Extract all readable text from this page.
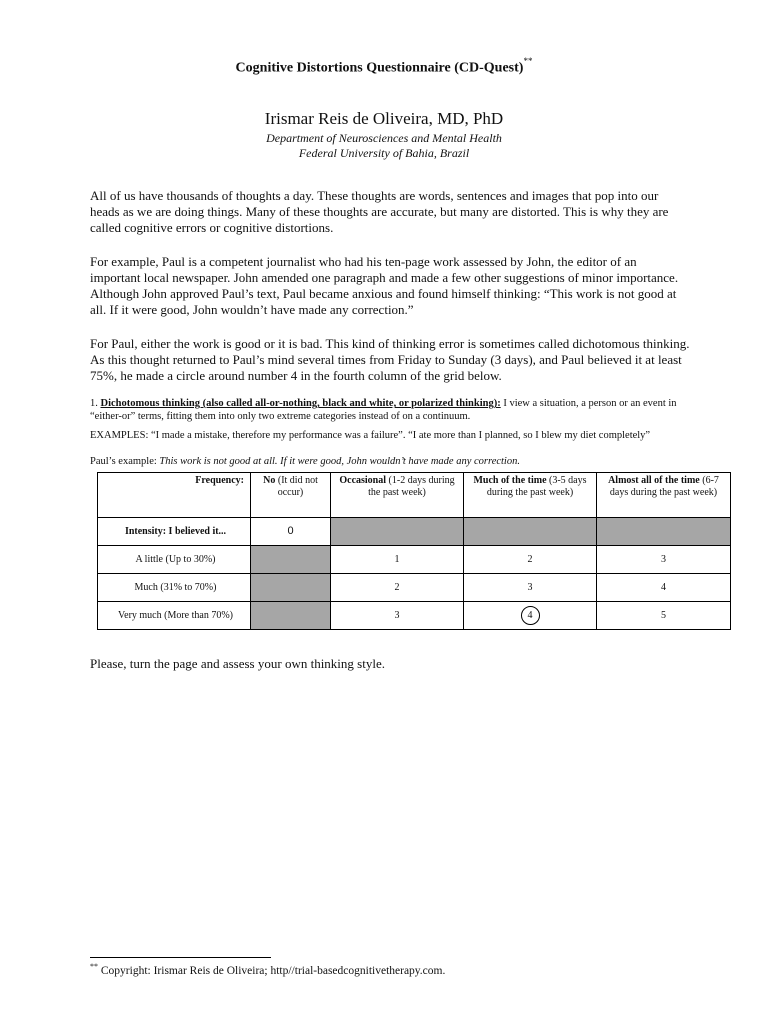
Cognitive Distortions Questionnaire (CD-Quest)**
Irismar Reis de Oliveira, MD, PhD
Department of Neurosciences and Mental Health
Federal University of Bahia, Brazil
All of us have thousands of thoughts a day. These thoughts are words, sentences and images that pop into our heads as we are doing things. Many of these thoughts are accurate, but many are distorted. This is why they are called cognitive errors or cognitive distortions.
For example, Paul is a competent journalist who had his ten-page work assessed by John, the editor of an important local newspaper. John amended one paragraph and made a few other suggestions of minor importance. Although John approved Paul’s text, Paul became anxious and found himself thinking: “This work is not good at all. If it were good, John wouldn’t have made any correction.”
For Paul, either the work is good or it is bad. This kind of thinking error is sometimes called dichotomous thinking. As this thought returned to Paul’s mind several times from Friday to Sunday (3 days), and Paul believed it at least 75%, he made a circle around number 4 in the fourth column of the grid below.
1. Dichotomous thinking (also called all-or-nothing, black and white, or polarized thinking): I view a situation, a person or an event in “either-or” terms, fitting them into only two extreme categories instead of on a continuum.
EXAMPLES: “I made a mistake, therefore my performance was a failure”. “I ate more than I planned, so I blew my diet completely”
Paul’s example: This work is not good at all. If it were good, John wouldn’t have made any correction.
Frequency:	No (It did not occur)	Occasional (1-2 days during the past week)	Much of the time (3-5 days during the past week)	Almost all of the time (6-7 days during the past week)
Intensity: I believed it...	0			
A little (Up to 30%)		1	2	3
Much (31% to 70%)		2	3	4
Very much (More than 70%)		3	4	5
Please, turn the page and assess your own thinking style.
** Copyright: Irismar Reis de Oliveira; http//trial-basedcognitivetherapy.com.
